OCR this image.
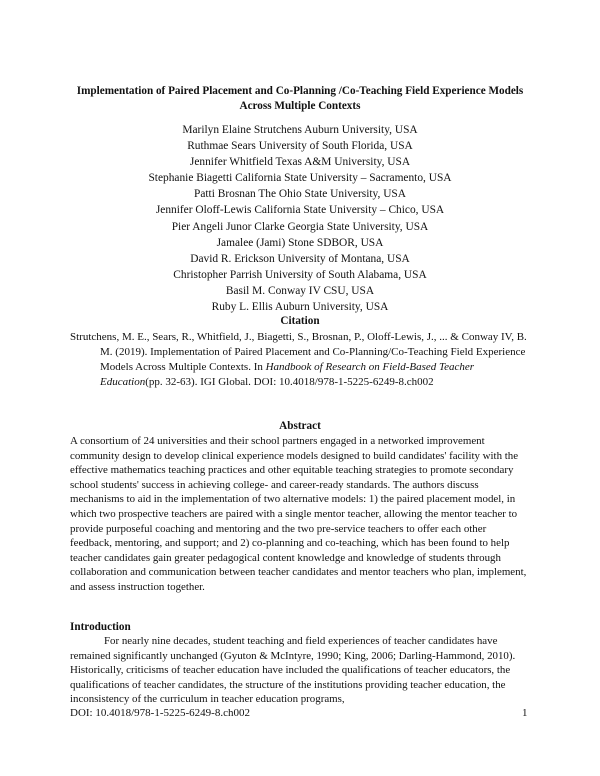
Implementation of Paired Placement and Co-Planning /Co-Teaching Field Experience Models Across Multiple Contexts
Marilyn Elaine Strutchens Auburn University, USA
Ruthmae Sears University of South Florida, USA
Jennifer Whitfield Texas A&M University, USA
Stephanie Biagetti California State University – Sacramento, USA
Patti Brosnan The Ohio State University, USA
Jennifer Oloff-Lewis California State University – Chico, USA
Pier Angeli Junor Clarke Georgia State University, USA
Jamalee (Jami) Stone SDBOR, USA
David R. Erickson University of Montana, USA
Christopher Parrish University of South Alabama, USA
Basil M. Conway IV CSU, USA
Ruby L. Ellis Auburn University, USA
Citation
Strutchens, M. E., Sears, R., Whitfield, J., Biagetti, S., Brosnan, P., Oloff-Lewis, J., ... & Conway IV, B. M. (2019). Implementation of Paired Placement and Co-Planning/Co-Teaching Field Experience Models Across Multiple Contexts. In Handbook of Research on Field-Based Teacher Education(pp. 32-63). IGI Global. DOI: 10.4018/978-1-5225-6249-8.ch002
Abstract
A consortium of 24 universities and their school partners engaged in a networked improvement community design to develop clinical experience models designed to build candidates' facility with the effective mathematics teaching practices and other equitable teaching strategies to promote secondary school students' success in achieving college- and career-ready standards. The authors discuss mechanisms to aid in the implementation of two alternative models: 1) the paired placement model, in which two prospective teachers are paired with a single mentor teacher, allowing the mentor teacher to provide purposeful coaching and mentoring and the two pre-service teachers to offer each other feedback, mentoring, and support; and 2) co-planning and co-teaching, which has been found to help teacher candidates gain greater pedagogical content knowledge and knowledge of students through collaboration and communication between teacher candidates and mentor teachers who plan, implement, and assess instruction together.
Introduction
For nearly nine decades, student teaching and field experiences of teacher candidates have remained significantly unchanged (Gyuton & McIntyre, 1990; King, 2006; Darling-Hammond, 2010). Historically, criticisms of teacher education have included the qualifications of teacher educators, the qualifications of teacher candidates, the structure of the institutions providing teacher education, the inconsistency of the curriculum in teacher education programs,
DOI: 10.4018/978-1-5225-6249-8.ch002	1
